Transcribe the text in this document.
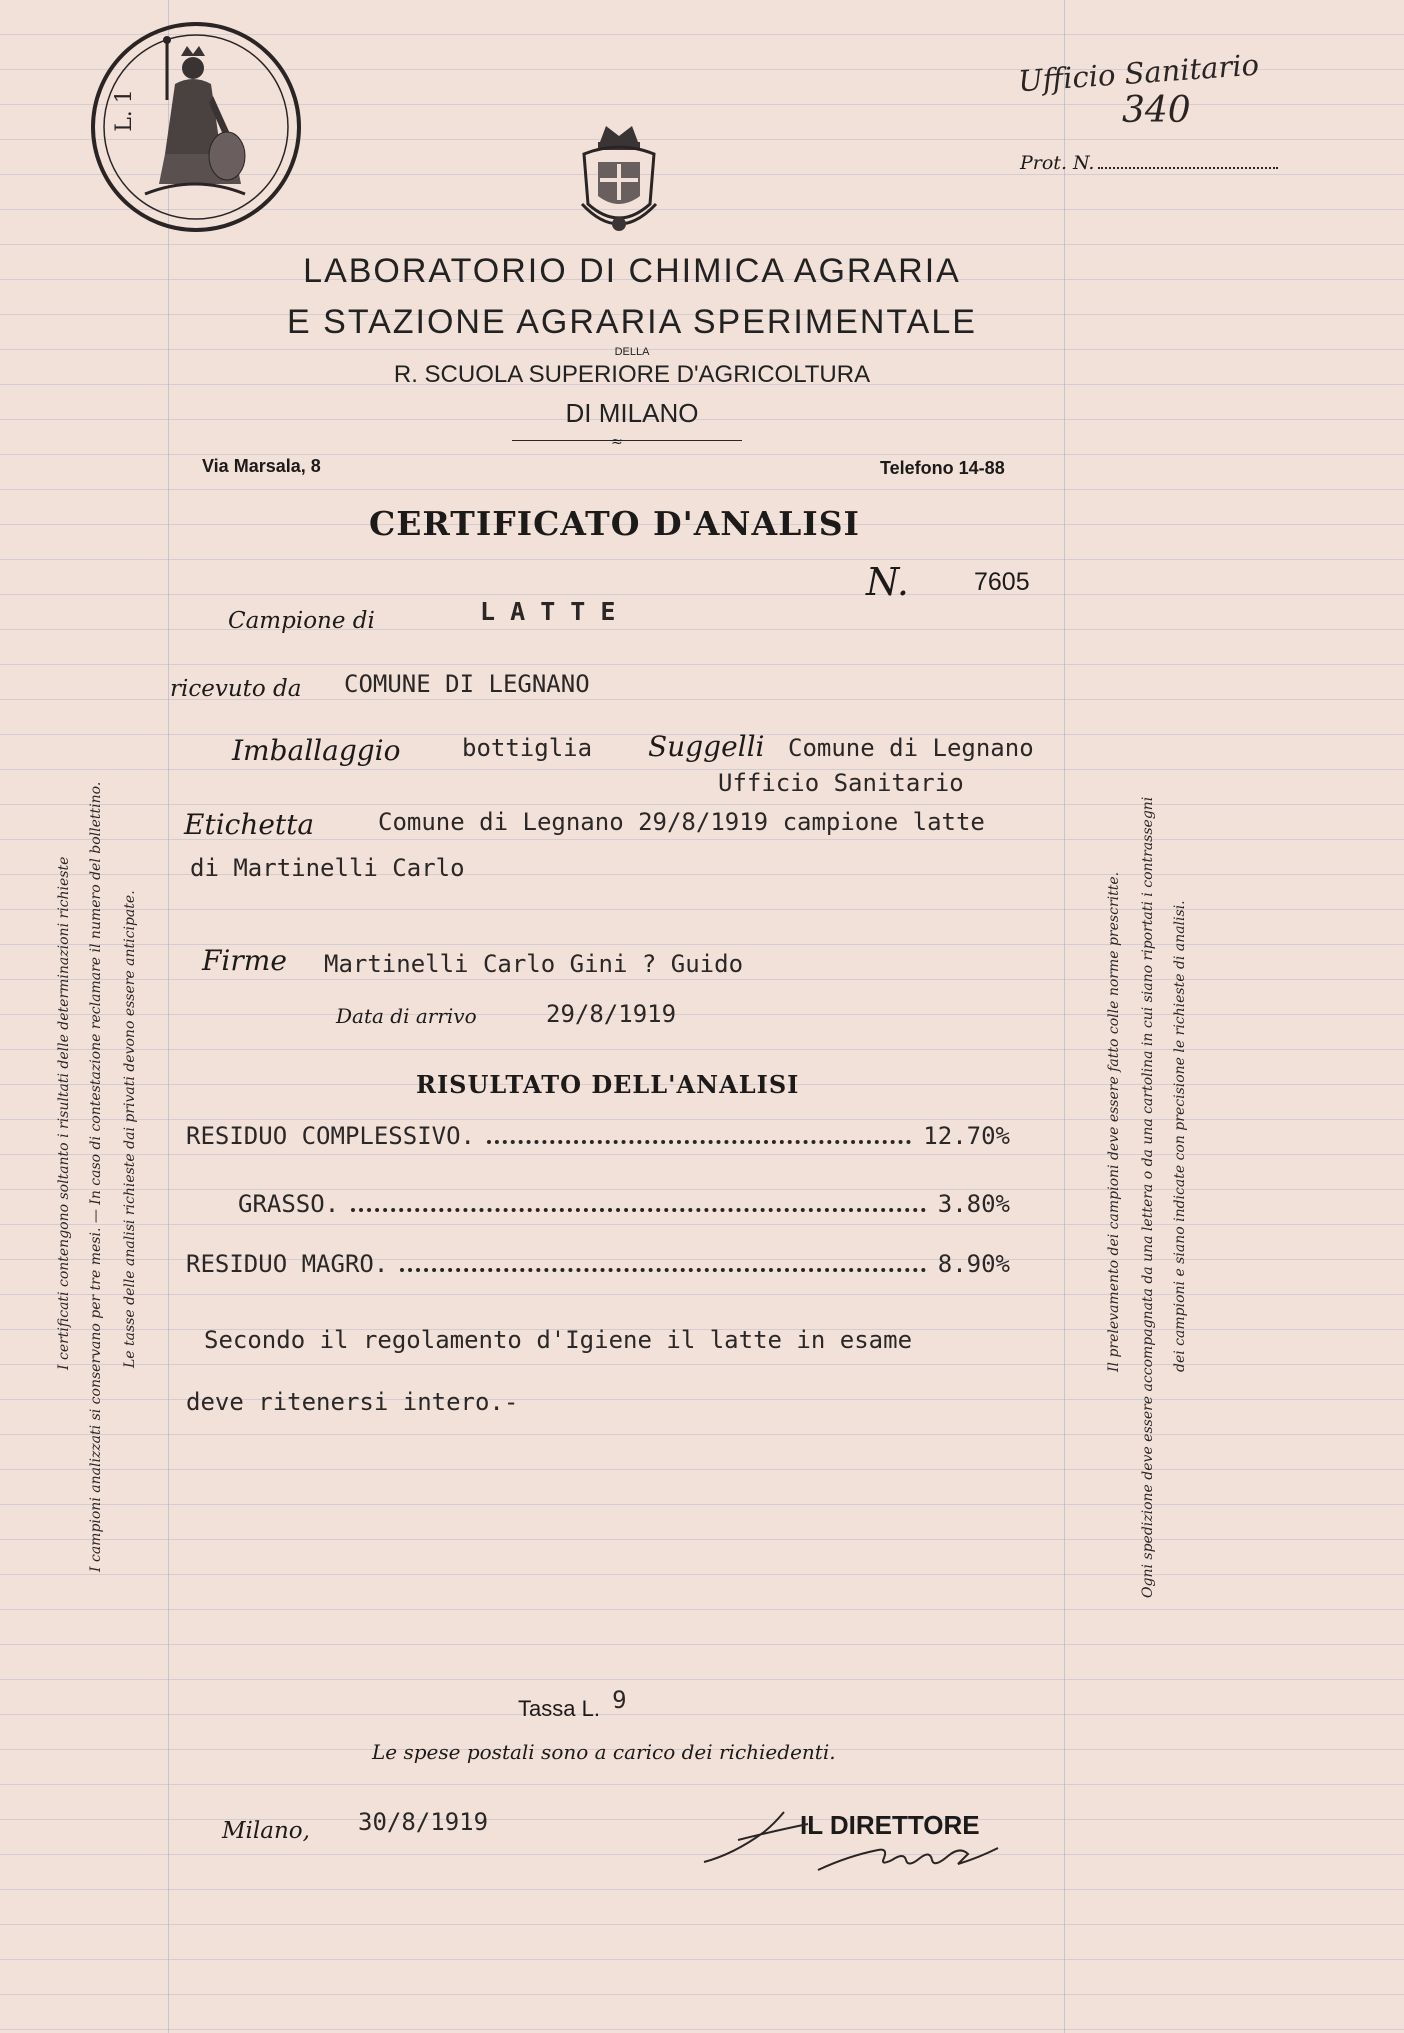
L. 1
Ufficio Sanitario
340
Prot. N.
LABORATORIO DI CHIMICA AGRARIA
E STAZIONE AGRARIA SPERIMENTALE
DELLA
R. SCUOLA SUPERIORE D'AGRICOLTURA
DI MILANO
≈
Via Marsala, 8	Telefono 14-88
CERTIFICATO D'ANALISI
N.	7605
Campione di	L A T T E
ricevuto da COMUNE DI LEGNANO
Imballaggio	bottiglia Suggelli Comune di Legnano
Ufficio Sanitario
Etichetta	Comune di Legnano 29/8/1919 campione latte
di Martinelli Carlo
Firme Martinelli Carlo Gini ? Guido
Data di arrivo	29/8/1919
RISULTATO DELL'ANALISI
RESIDUO COMPLESSIVO.	12.70%
GRASSO.	3.80%
RESIDUO MAGRO.	8.90%
Secondo il regolamento d'Igiene il latte in esame
deve ritenersi intero.-
Tassa L. 9
Le spese postali sono a carico dei richiedenti.
Milano, 30/8/1919	IL DIRETTORE
I certificati contengono soltanto i risultati delle determinazioni richieste I campioni analizzati si conservano per tre mesi. — In caso di contestazione reclamare il numero del bollettino. Le tasse delle analisi richieste dai privati devono essere anticipate.	Il prelevamento dei campioni deve essere fatto colle norme prescritte. Ogni spedizione deve essere accompagnata da una lettera o da una cartolina in cui siano riportati i contrassegni dei campioni e siano indicate con precisione le richieste di analisi.
